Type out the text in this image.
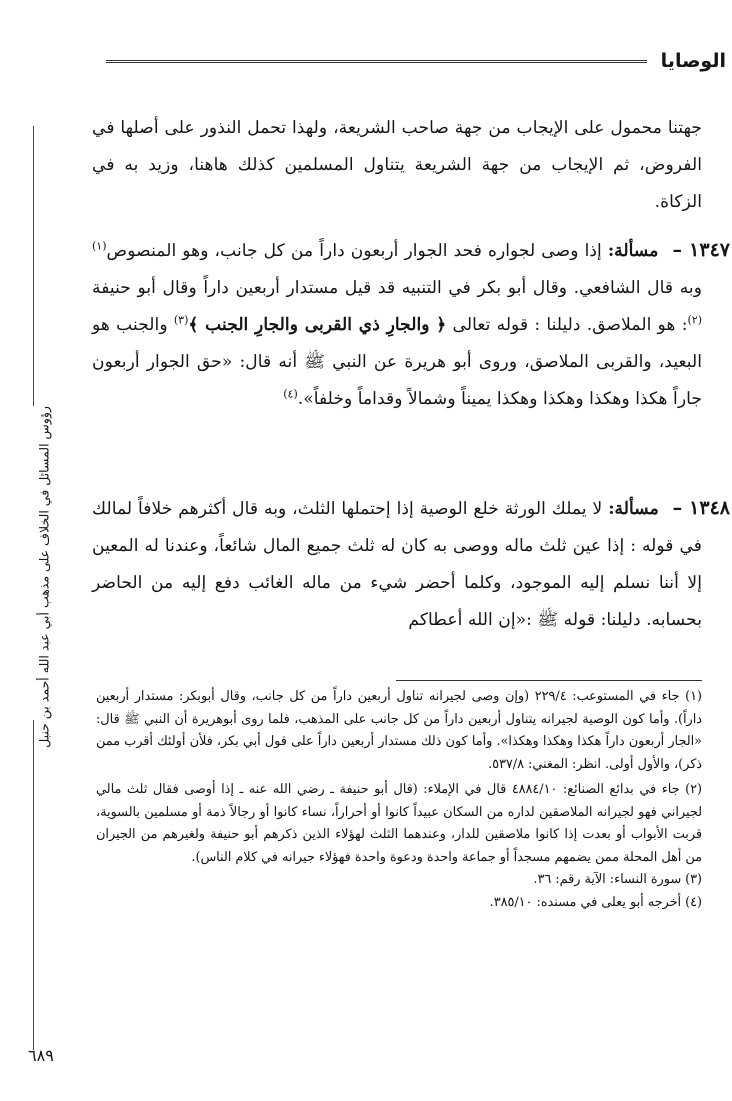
الوصايا

جهتنا محمول على الإيجاب من جهة صاحب الشريعة، ولهذا تحمل النذور على أصلها في الفروض، ثم الإيجاب من جهة الشريعة يتناول المسلمين كذلك هاهنا، وزيد به في الزكاة.

١٣٤٧ – مسألة: إذا وصى لجواره فحد الجوار أربعون داراً من كل جانب، وهو المنصوص$^{(١)}$ وبه قال الشافعي. وقال أبو بكر في التنبيه قد قيل مستدار أربعين داراً وقال أبو حنيفة $^{(٢)}$: هو الملاصق. دليلنا : قوله تعالى ﴿ والجارِ ذي القربى والجارِ الجنب ﴾$^{(٣)}$ والجنب هو البعيد، والقربى الملاصق، وروى أبو هريرة عن النبي ﷺ أنه قال: «حق الجوار أربعون جاراً هكذا وهكذا وهكذا وهكذا يميناً وشمالاً وقداماً وخلفاً».$^{(٤)}$

١٣٤٨ – مسألة: لا يملك الورثة خلع الوصية إذا إحتملها الثلث، وبه قال أكثرهم خلافاً لمالك في قوله : إذا عين ثلث ماله ووصى به كان له ثلث جميع المال شائعاً، وعندنا له المعين إلا أننا نسلم إليه الموجود، وكلما أحضر شيء من ماله الغائب دفع إليه من الحاضر بحسابه. دليلنا: قوله ﷺ :«إن الله أعطاكم

رؤوس المسائل في الخلاف على مذهب أبي عبد الله أحمد بن حنبل	(١) جاء في المستوعب: ٢٢٩/٤ (وإن وصى لجيرانه تناول أربعين داراً من كل جانب، وقال أبوبكر: مستدار أربعين داراً). وأما كون الوصية لجيرانه يتناول أربعين داراً من كل جانب على المذهب، فلما روى أبوهريرة أن النبي ﷺ قال: «الجار أربعون داراً هكذا وهكذا وهكذا». وأما كون ذلك مستدار أربعين داراً على قول أبي بكر، فلأن أولئك أقرب ممن ذكر)، والأول أولى. انظر: المغني: ٥٣٧/٨.

(٢) جاء في بدائع الصنائع: ٤٨٨٤/١٠ قال في الإملاء: (قال أبو حنيفة ـ رضي الله عنه ـ إذا أوصى فقال ثلث مالي لجيراني فهو لجيرانه الملاصقين لداره من السكان عبيداً كانوا أو أحراراً، نساء كانوا أو رجالاً ذمة أو مسلمين بالسوية، قربت الأبواب أو بعدت إذا كانوا ملاصقين للدار، وعندهما الثلث لهؤلاء الذين ذكرهم أبو حنيفة ولغيرهم من الجيران من أهل المحلة ممن يضمهم مسجداً أو جماعة واحدة ودعوة واحدة فهؤلاء جيرانه في كلام الناس).

(٣) سورة النساء: الآية رقم: ٣٦.

(٤) أخرجه أبو يعلى في مسنده: ٣٨٥/١٠.

٦٨٩
